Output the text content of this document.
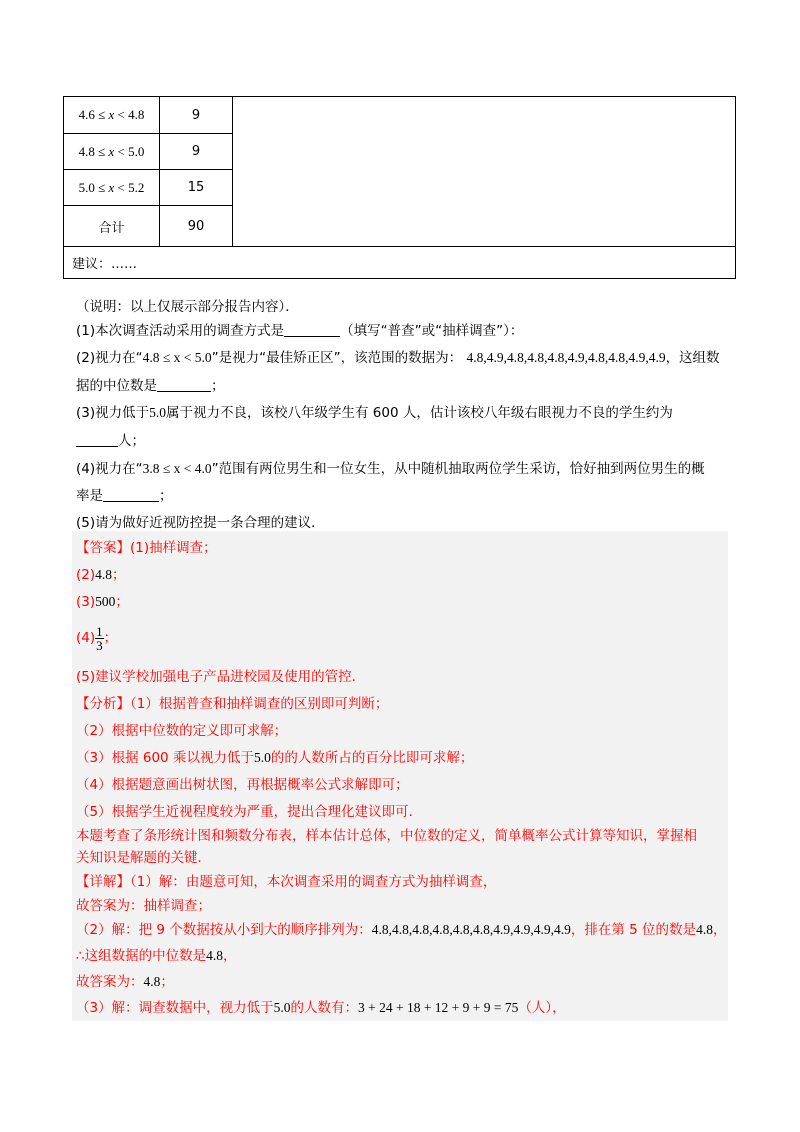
4.6 ≤ x < 4.8	9	
4.8 ≤ x < 5.0	9	
5.0 ≤ x < 5.2	15	
合计	90	
建议：……		
（说明：以上仅展示部分报告内容）．
(1)本次调查活动采用的调查方式是	（填写“普查”或“抽样调查”）：
(2)视力在“4.8 ≤ x < 5.0”是视力“最佳矫正区”，该范围的数据为： 4.8,4.9,4.8,4.8,4.8,4.9,4.8,4.8,4.9,4.9，这组数
据的中位数是	；
(3)视力低于5.0属于视力不良，该校八年级学生有 600 人，估计该校八年级右眼视力不良的学生约为
人；
(4)视力在“3.8 ≤ x < 4.0”范围有两位男生和一位女生，从中随机抽取两位学生采访，恰好抽到两位男生的概
率是	；
(5)请为做好近视防控提一条合理的建议．
【答案】(1)抽样调查；
(2)4.8；
(3)500；
$(4) \frac{1}{3}$ ；
(5)建议学校加强电子产品进校园及使用的管控．
【分析】（1）根据普查和抽样调查的区别即可判断；
（2）根据中位数的定义即可求解；
（3）根据 600 乘以视力低于5.0的的人数所占的百分比即可求解；
（4）根据题意画出树状图，再根据概率公式求解即可；
（5）根据学生近视程度较为严重，提出合理化建议即可．
本题考查了条形统计图和频数分布表，样本估计总体，中位数的定义，简单概率公式计算等知识，掌握相
关知识是解题的关键．
【详解】（1）解：由题意可知，本次调查采用的调查方式为抽样调查，
故答案为：抽样调查；
（2）解：把 9 个数据按从小到大的顺序排列为：4.8,4.8,4.8,4.8,4.8,4.8,4.9,4.9,4.9,4.9，排在第 5 位的数是4.8，
∴这组数据的中位数是4.8，
故答案为：4.8；
（3）解：调查数据中，视力低于5.0的人数有：3 + 24 + 18 + 12 + 9 + 9 = 75（人），
